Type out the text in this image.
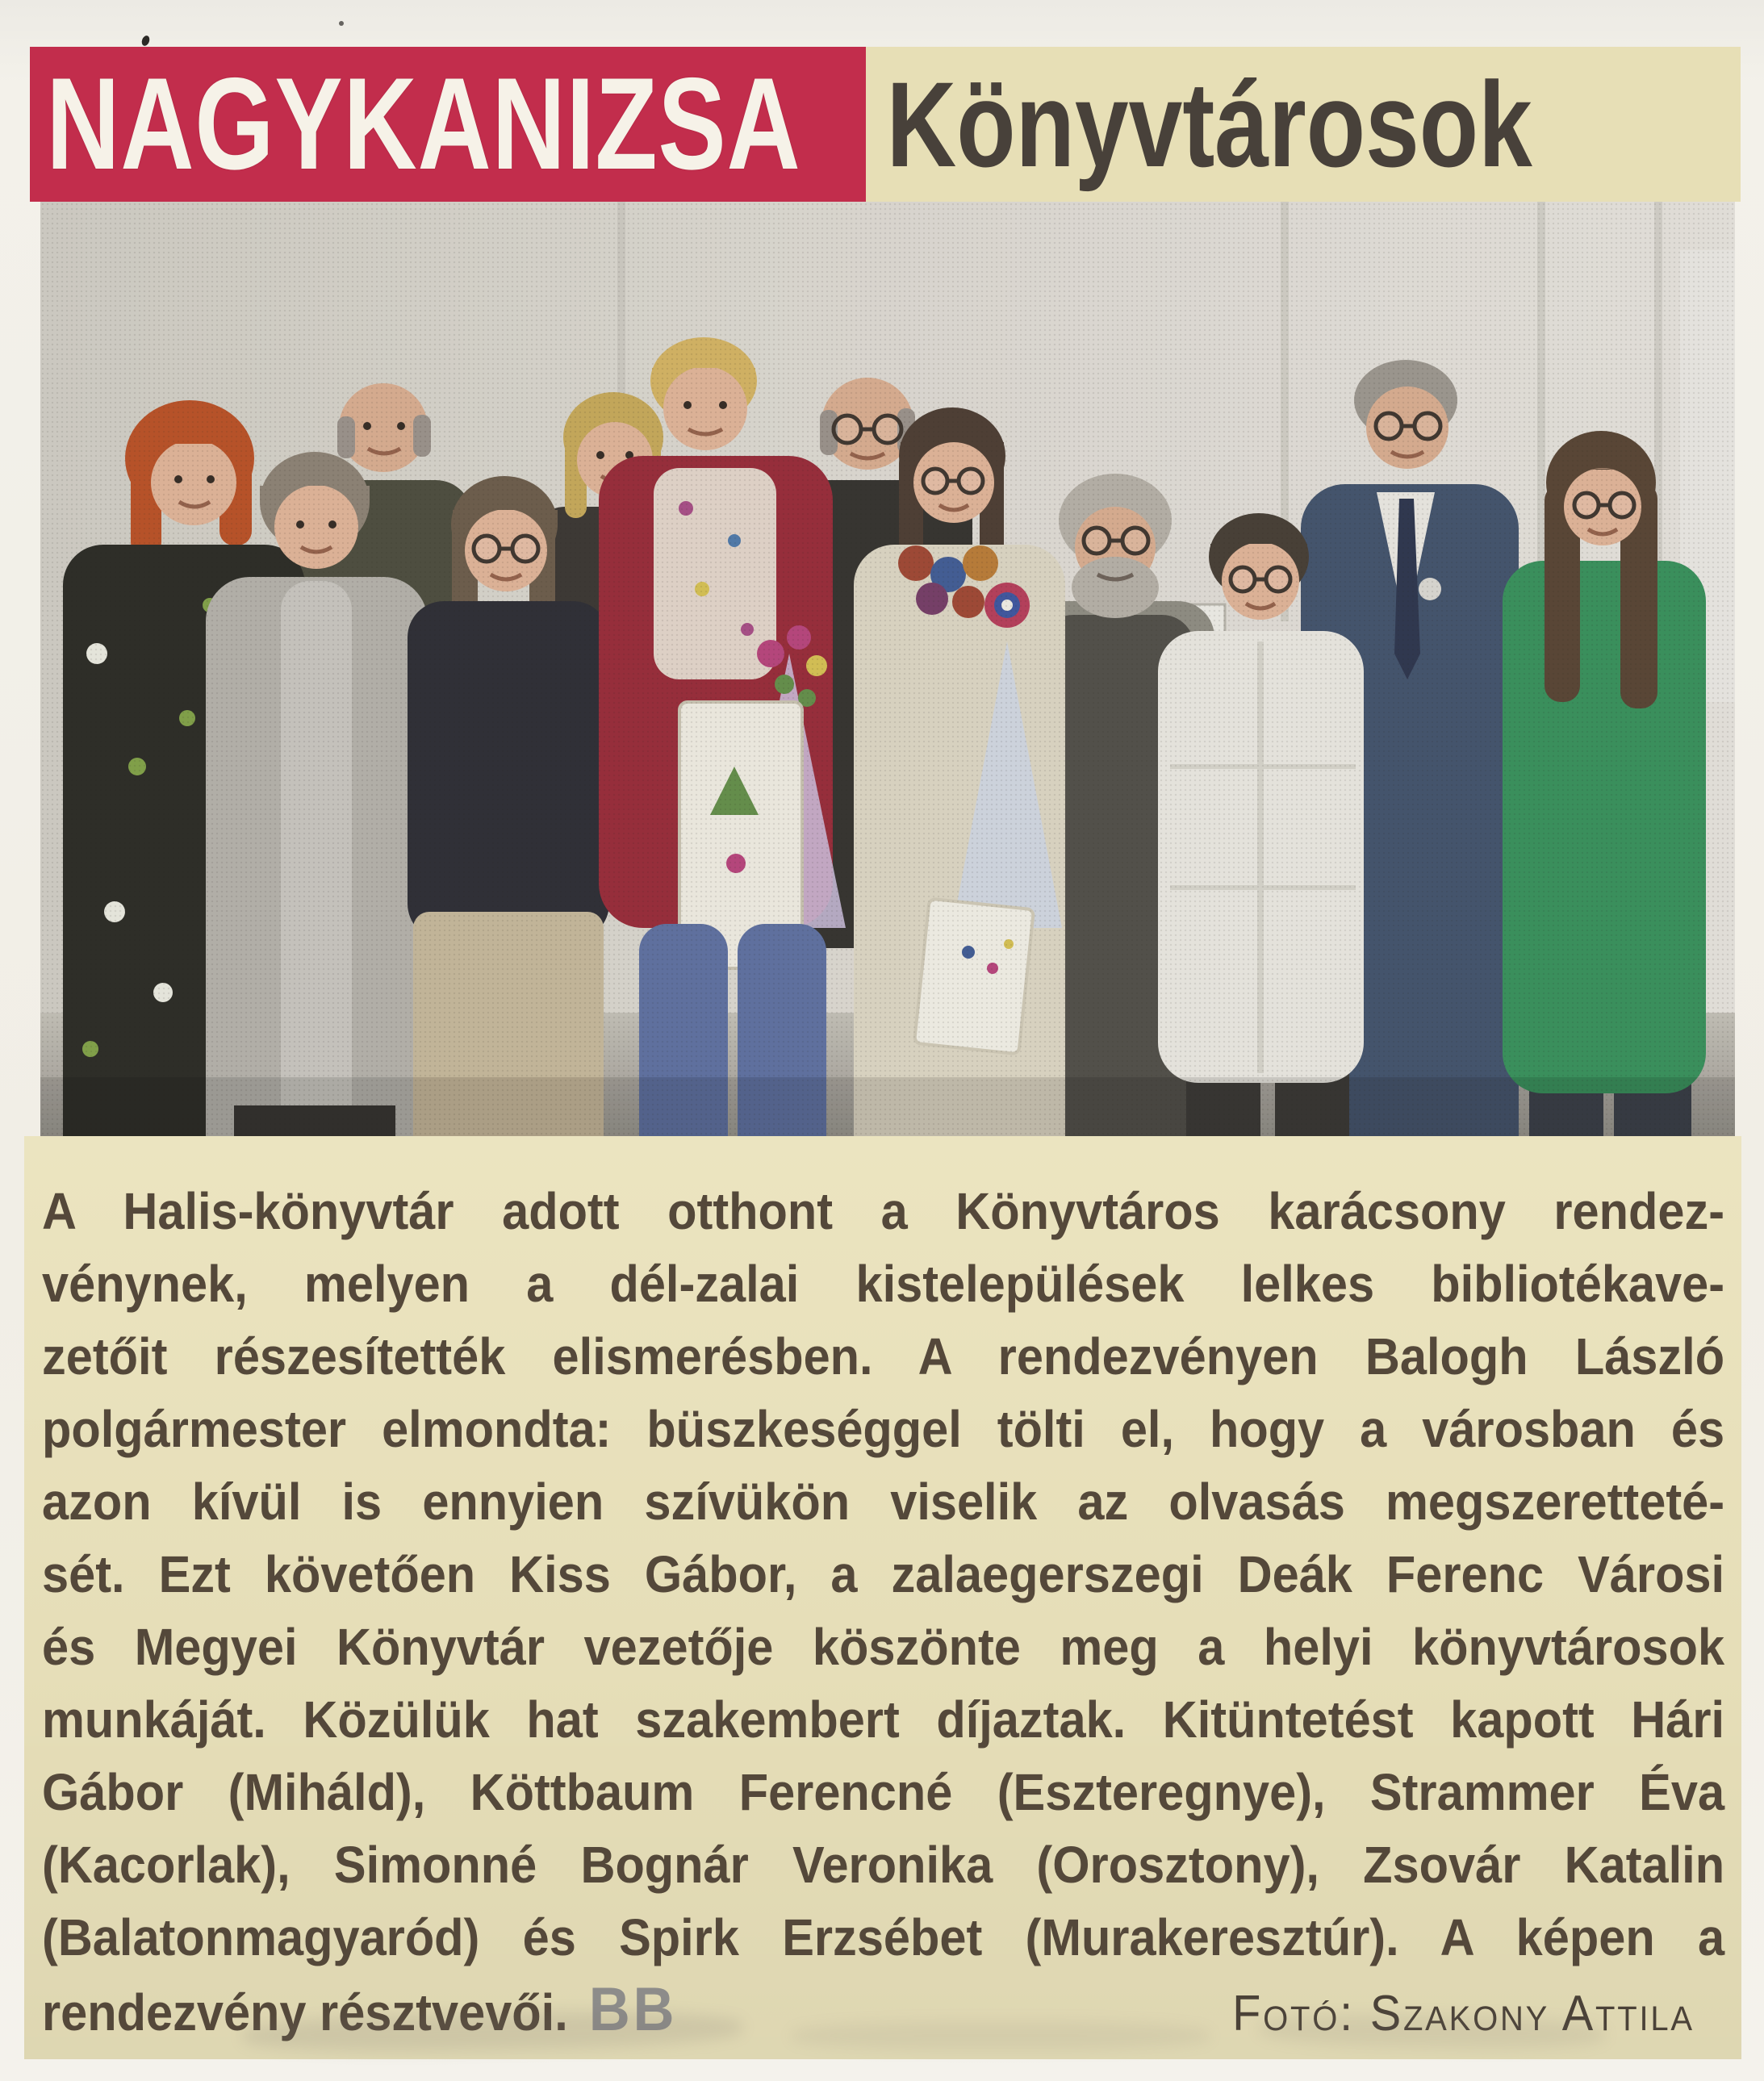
NAGYKANIZSA Könyvtárosok
A Halis-könyvtár adott otthont a Könyvtáros karácsony rendez-
vénynek, melyen a dél-zalai kistelepülések lelkes bibliotékave-
zetőit részesítették elismerésben. A rendezvényen Balogh László
polgármester elmondta: büszkeséggel tölti el, hogy a városban és
azon kívül is ennyien szívükön viselik az olvasás megszeretteté-
sét. Ezt követően Kiss Gábor, a zalaegerszegi Deák Ferenc Városi
és Megyei Könyvtár vezetője köszönte meg a helyi könyvtárosok
munkáját. Közülük hat szakembert díjaztak. Kitüntetést kapott Hári
Gábor (Miháld), Köttbaum Ferencné (Eszteregnye), Strammer Éva
(Kacorlak), Simonné Bognár Veronika (Orosztony), Zsovár Katalin
(Balatonmagyaród) és Spirk Erzsébet (Murakeresztúr). A képen a
rendezvény résztvevői. BB	Fotó: Szakony Attila
